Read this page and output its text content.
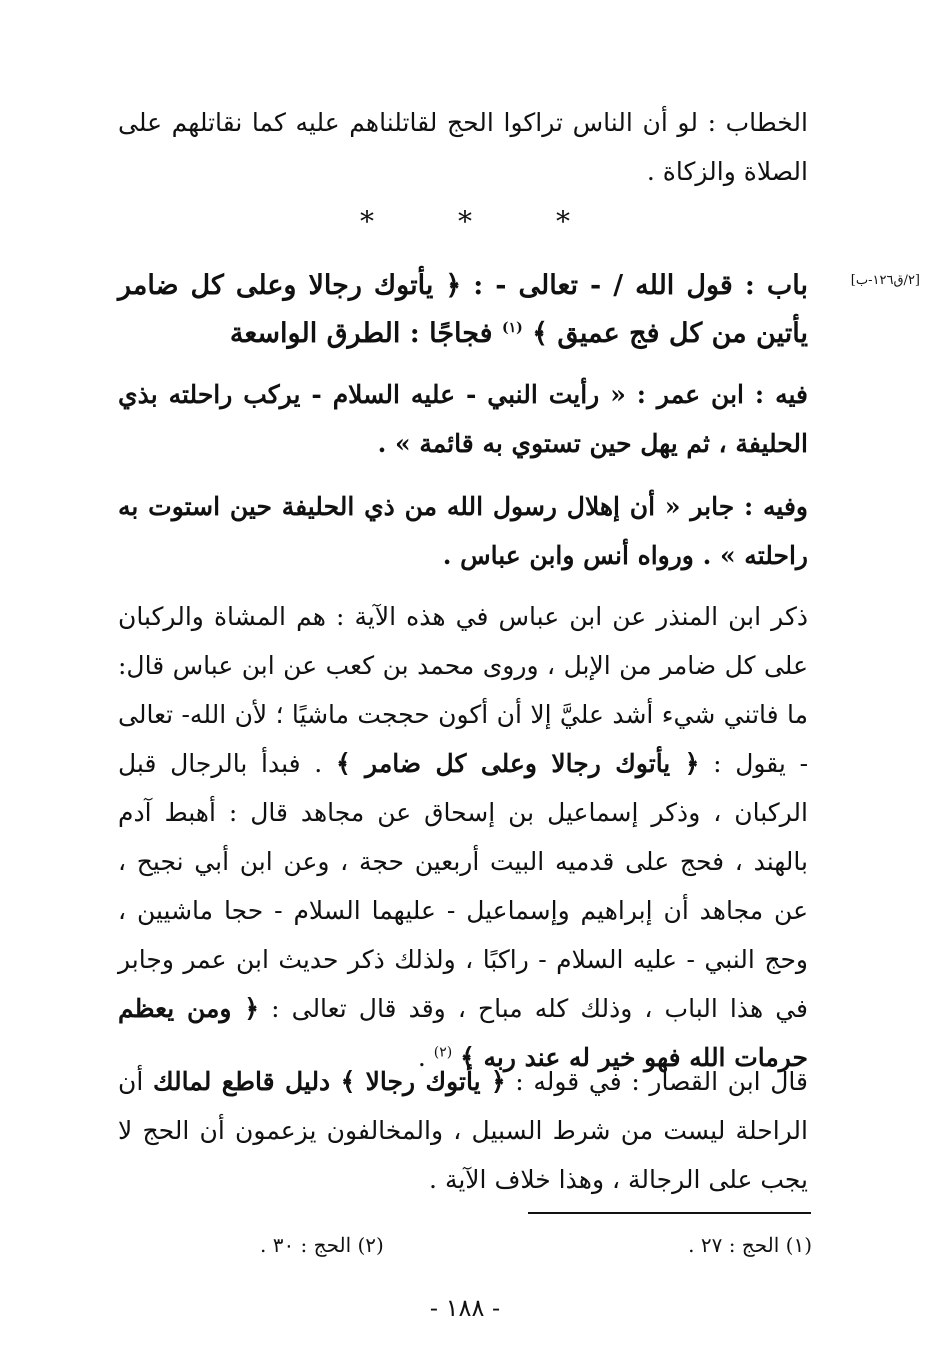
الخطاب : لو أن الناس تراكوا الحج لقاتلناهم عليه كما نقاتلهم على الصلاة والزكاة .

*	*	*
[٢/ق١٢٦-ب]
باب : قول الله / - تعالى - : ﴿ يأتوك رجالا وعلى كل ضامر يأتين من كل فج عميق ﴾ $^{(١)}$ فجاجًا : الطرق الواسعة

فيه : ابن عمر : « رأيت النبي - عليه السلام - يركب راحلته بذي الحليفة ، ثم يهل حين تستوي به قائمة » .

وفيه : جابر « أن إهلال رسول الله من ذي الحليفة حين استوت به راحلته » . ورواه أنس وابن عباس .

ذكر ابن المنذر عن ابن عباس في هذه الآية : هم المشاة والركبان على كل ضامر من الإبل ، وروى محمد بن كعب عن ابن عباس قال: ما فاتني شيء أشد عليَّ إلا أن أكون حججت ماشيًا ؛ لأن الله- تعالى - يقول : ﴿ يأتوك رجالا وعلى كل ضامر ﴾ . فبدأ بالرجال قبل الركبان ، وذكر إسماعيل بن إسحاق عن مجاهد قال : أهبط آدم بالهند ، فحج على قدميه البيت أربعين حجة ، وعن ابن أبي نجيح ، عن مجاهد أن إبراهيم وإسماعيل - عليهما السلام - حجا ماشيين ، وحج النبي - عليه السلام - راكبًا ، ولذلك ذكر حديث ابن عمر وجابر في هذا الباب ، وذلك كله مباح ، وقد قال تعالى : ﴿ ومن يعظم حرمات الله فهو خير له عند ربه ﴾ $^{(٢)}$ .

قال ابن القصار : في قوله : ﴿ يأتوك رجالا ﴾ دليل قاطع لمالك أن الراحلة ليست من شرط السبيل ، والمخالفون يزعمون أن الحج لا يجب على الرجالة ، وهذا خلاف الآية .

(١) الحج : ٢٧ .
(٢) الحج : ٣٠ .
- ١٨٨ -
